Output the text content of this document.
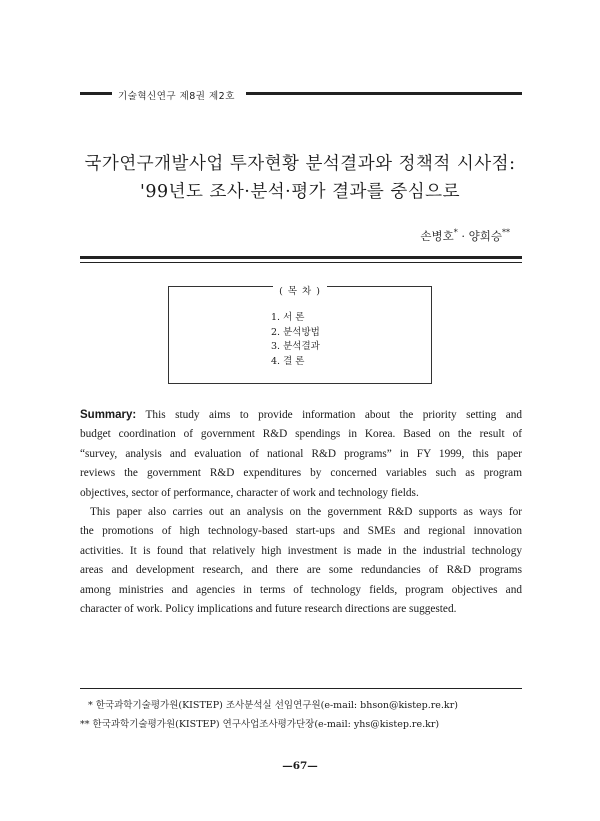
기술혁신연구 제8권 제2호
국가연구개발사업 투자현황 분석결과와 정책적 시사점:
'99년도 조사·분석·평가 결과를 중심으로
손병호* · 양희승**
( 목 차 )
1. 서 론
2. 분석방법
3. 분석결과
4. 결 론
Summary: This study aims to provide information about the priority setting and
budget coordination of government R&D spendings in Korea. Based on the result of
“survey, analysis and evaluation of national R&D programs” in FY 1999, this paper
reviews the government R&D expenditures by concerned variables such as program
objectives, sector of performance, character of work and technology fields.
This paper also carries out an analysis on the government R&D supports as ways for
the promotions of high technology-based start-ups and SMEs and regional innovation
activities. It is found that relatively high investment is made in the industrial technology
areas and development research, and there are some redundancies of R&D programs
among ministries and agencies in terms of technology fields, program objectives and
character of work. Policy implications and future research directions are suggested.
* 한국과학기술평가원(KISTEP) 조사분석실 선임연구원(e-mail: bhson@kistep.re.kr)
** 한국과학기술평가원(KISTEP) 연구사업조사평가단장(e-mail: yhs@kistep.re.kr)
—67—
